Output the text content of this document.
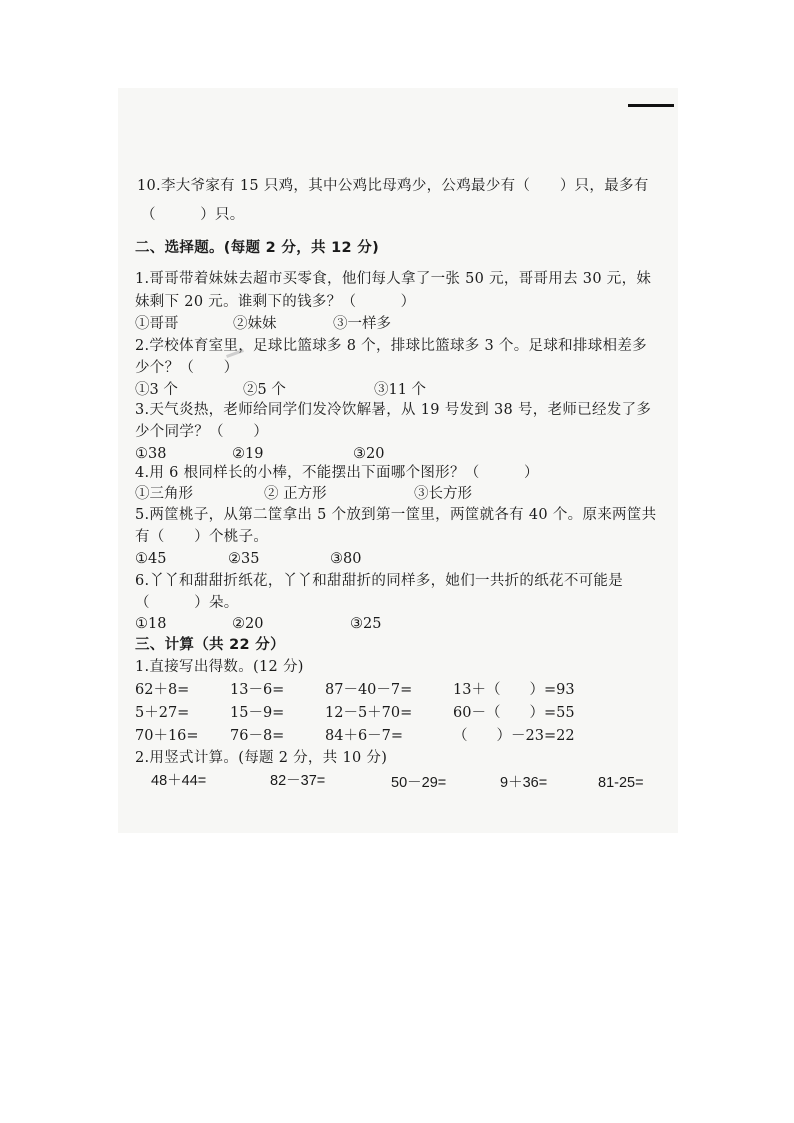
10.李大爷家有 15 只鸡，其中公鸡比母鸡少，公鸡最少有（　　）只，最多有
（　　　）只。
二、选择题。(每题 2 分，共 12 分)
1.哥哥带着妹妹去超市买零食，他们每人拿了一张 50 元，哥哥用去 30 元，妹
妹剩下 20 元。谁剩下的钱多？（　　　）
①哥哥	②妹妹	③一样多
2.学校体育室里，足球比篮球多 8 个，排球比篮球多 3 个。足球和排球相差多
少个？（　　）
①3 个	②5 个	③11 个
3.天气炎热，老师给同学们发冷饮解暑，从 19 号发到 38 号，老师已经发了多
少个同学？（　　）
①38	②19	③20
4.用 6 根同样长的小棒，不能摆出下面哪个图形？（　　　）
①三角形	② 正方形	③长方形
5.两筐桃子，从第二筐拿出 5 个放到第一筐里，两筐就各有 40 个。原来两筐共
有（　　）个桃子。
①45	②35	③80
6.丫丫和甜甜折纸花，丫丫和甜甜折的同样多，她们一共折的纸花不可能是
（　　　）朵。
①18	②20	③25
三、计算（共 22 分）
1.直接写出得数。(12 分)
62＋8=	13－6=	87－40－7=	13＋（　　）=93
5＋27=	15－9=	12－5＋70=	60－（　　）=55
70＋16= 76－8=	84＋6－7=	（　　）－23=22
2.用竖式计算。(每题 2 分，共 10 分)
48＋44=	82－37=	50－29=	9＋36=	81-25=
